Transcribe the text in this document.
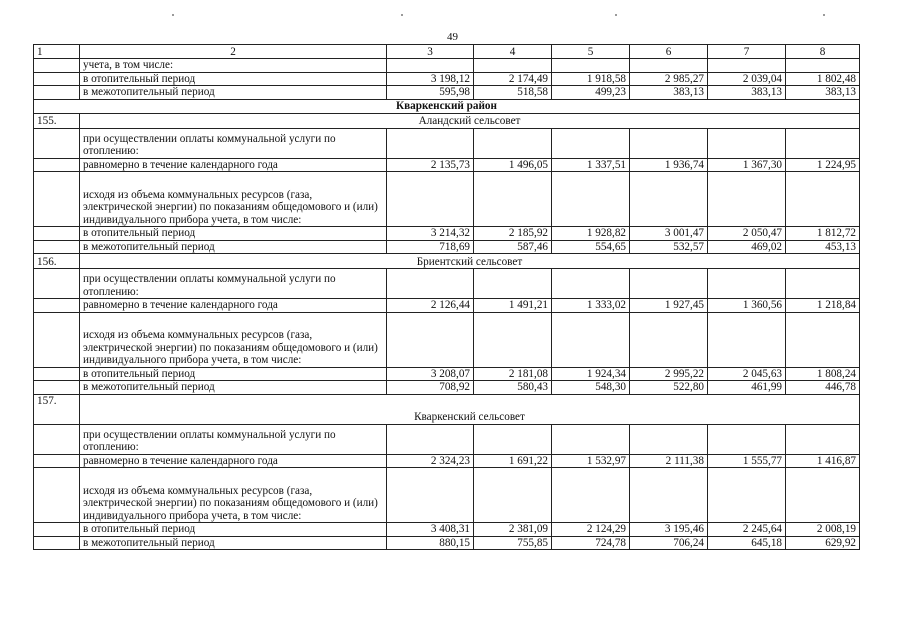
49
1	2	3	4	5	6	7	8
	учета, в том числе:						
	в отопительный период	3 198,12	2 174,49	1 918,58	2 985,27	2 039,04	1 802,48
	в межотопительный период	595,98	518,58	499,23	383,13	383,13	383,13
Кваркенский район							
155.	Аландский сельсовет						
	при осуществлении оплаты коммунальной услуги по отоплению:						
	равномерно в течение календарного года	2 135,73	1 496,05	1 337,51	1 936,74	1 367,30	1 224,95
	исходя из объема коммунальных ресурсов (газа, электрической энергии) по показаниям общедомового и (или) индивидуального прибора учета, в том числе:						
	в отопительный период	3 214,32	2 185,92	1 928,82	3 001,47	2 050,47	1 812,72
	в межотопительный период	718,69	587,46	554,65	532,57	469,02	453,13
156.	Бриентский сельсовет						
	при осуществлении оплаты коммунальной услуги по отоплению:						
	равномерно в течение календарного года	2 126,44	1 491,21	1 333,02	1 927,45	1 360,56	1 218,84
	исходя из объема коммунальных ресурсов (газа, электрической энергии) по показаниям общедомового и (или) индивидуального прибора учета, в том числе:						
	в отопительный период	3 208,07	2 181,08	1 924,34	2 995,22	2 045,63	1 808,24
	в межотопительный период	708,92	580,43	548,30	522,80	461,99	446,78
157.	Кваркенский сельсовет						
	при осуществлении оплаты коммунальной услуги по отоплению:						
	равномерно в течение календарного года	2 324,23	1 691,22	1 532,97	2 111,38	1 555,77	1 416,87
	исходя из объема коммунальных ресурсов (газа, электрической энергии) по показаниям общедомового и (или) индивидуального прибора учета, в том числе:						
	в отопительный период	3 408,31	2 381,09	2 124,29	3 195,46	2 245,64	2 008,19
	в межотопительный период	880,15	755,85	724,78	706,24	645,18	629,92
